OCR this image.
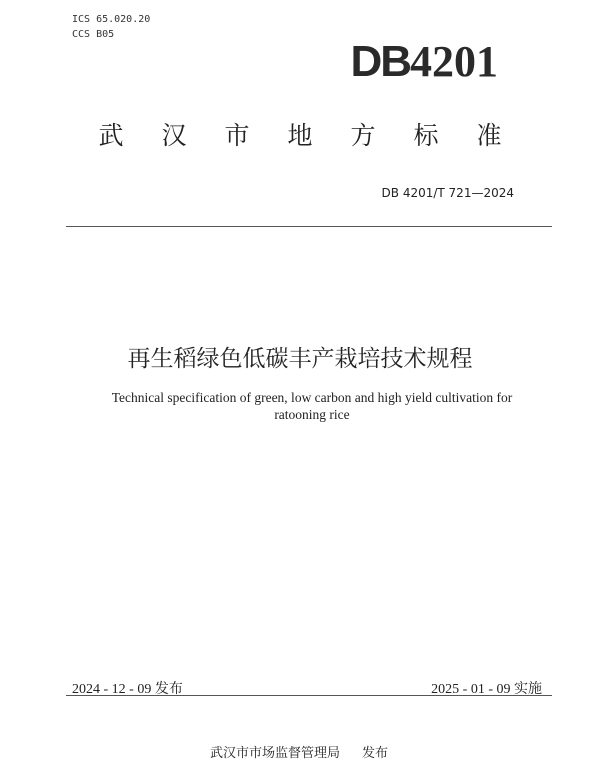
ICS 65.020.20
CCS B05
DB4201
武汉市地方标准
DB 4201/T 721—2024
再生稻绿色低碳丰产栽培技术规程
Technical specification of green, low carbon and high yield cultivation for ratooning rice
2024 - 12 - 09 发布	2025 - 01 - 09 实施
武汉市市场监督管理局 发布
